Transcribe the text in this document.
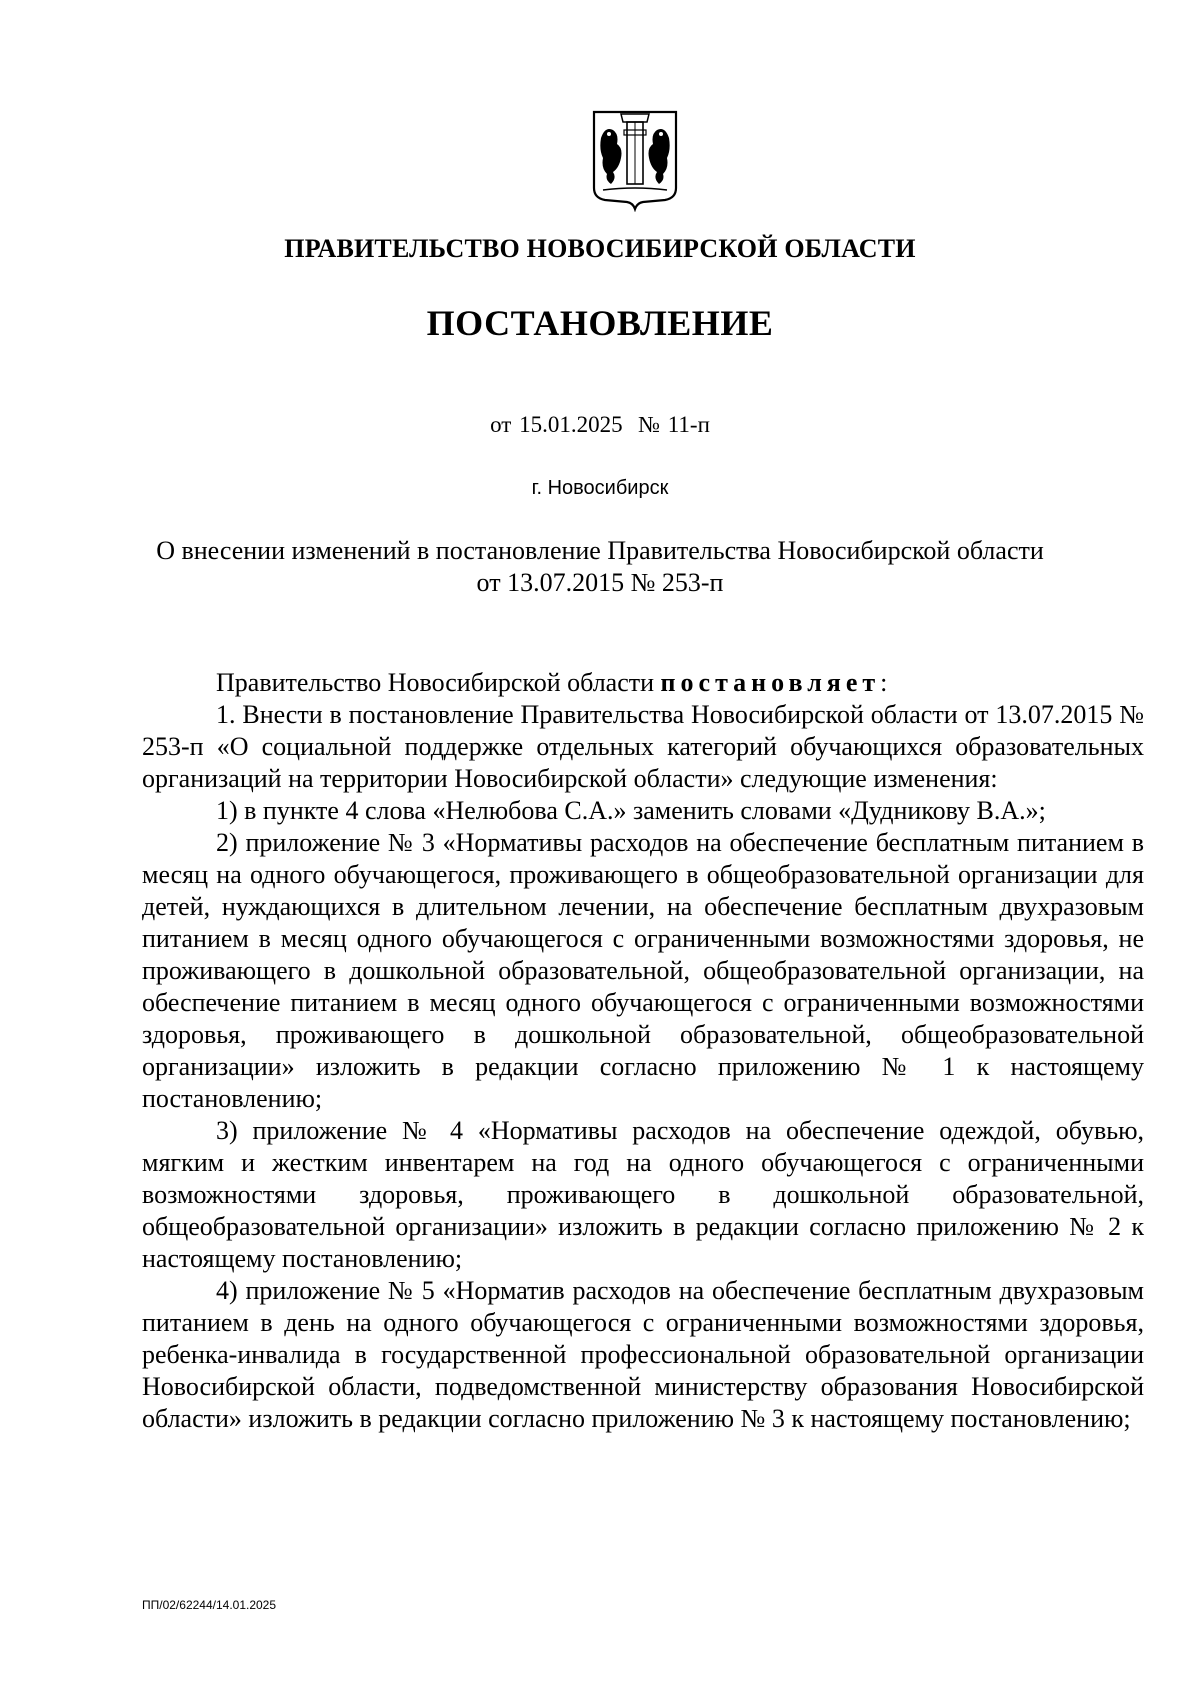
ПРАВИТЕЛЬСТВО НОВОСИБИРСКОЙ ОБЛАСТИ
ПОСТАНОВЛЕНИЕ
от 15.01.2025  № 11-п
г. Новосибирск
О внесении изменений в постановление Правительства Новосибирской области
от 13.07.2015 № 253-п

Правительство Новосибирской области постановляет:

1. Внести в постановление Правительства Новосибирской области от 13.07.2015 № 253-п «О социальной поддержке отдельных категорий обучающихся образовательных организаций на территории Новосибирской области» следующие изменения:

1) в пункте 4 слова «Нелюбова С.А.» заменить словами «Дудникову В.А.»;

2) приложение № 3 «Нормативы расходов на обеспечение бесплатным питанием в месяц на одного обучающегося, проживающего в общеобразовательной организации для детей, нуждающихся в длительном лечении, на обеспечение бесплатным двухразовым питанием в месяц одного обучающегося с ограниченными возможностями здоровья, не проживающего в дошкольной образовательной, общеобразовательной организации, на обеспечение питанием в месяц одного обучающегося с ограниченными возможностями здоровья, проживающего в дошкольной образовательной, общеобразовательной организации» изложить в редакции согласно приложению № 1 к настоящему постановлению;

3) приложение № 4 «Нормативы расходов на обеспечение одеждой, обувью, мягким и жестким инвентарем на год на одного обучающегося с ограниченными возможностями здоровья, проживающего в дошкольной образовательной, общеобразовательной организации» изложить в редакции согласно приложению № 2 к настоящему постановлению;

4) приложение № 5 «Норматив расходов на обеспечение бесплатным двухразовым питанием в день на одного обучающегося с ограниченными возможностями здоровья, ребенка-инвалида в государственной профессиональной образовательной организации Новосибирской области, подведомственной министерству образования Новосибирской области» изложить в редакции согласно приложению № 3 к настоящему постановлению;

ПП/02/62244/14.01.2025
